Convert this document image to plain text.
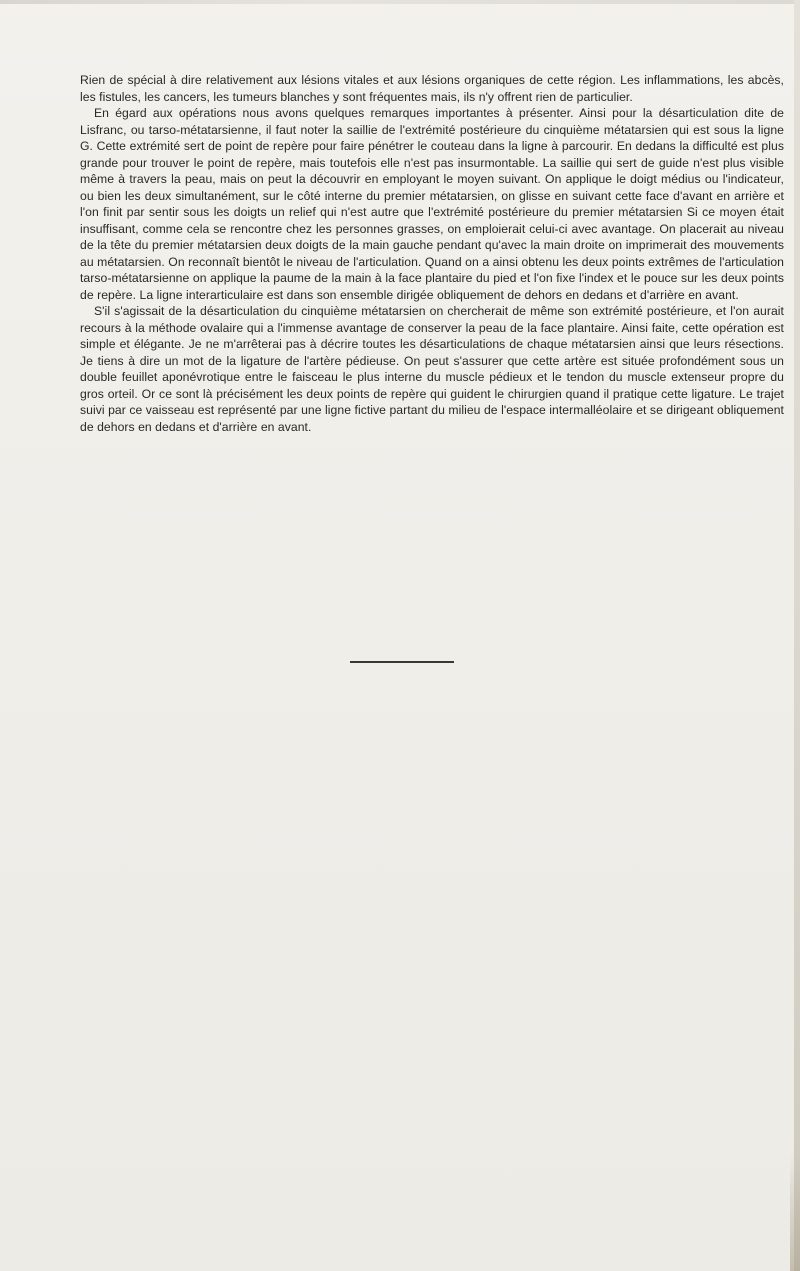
Rien de spécial à dire relativement aux lésions vitales et aux lésions organiques de cette région. Les inflammations, les abcès, les fistules, les cancers, les tumeurs blanches y sont fréquentes mais, ils n'y offrent rien de particulier.

En égard aux opérations nous avons quelques remarques importantes à présenter. Ainsi pour la désarticulation dite de Lisfranc, ou tarso-métatarsienne, il faut noter la saillie de l'extrémité postérieure du cinquième métatarsien qui est sous la ligne G. Cette extrémité sert de point de repère pour faire pénétrer le couteau dans la ligne à parcourir. En dedans la difficulté est plus grande pour trouver le point de repère, mais toutefois elle n'est pas insurmontable. La saillie qui sert de guide n'est plus visible même à travers la peau, mais on peut la découvrir en employant le moyen suivant. On applique le doigt médius ou l'indicateur, ou bien les deux simultanément, sur le côté interne du premier métatarsien, on glisse en suivant cette face d'avant en arrière et l'on finit par sentir sous les doigts un relief qui n'est autre que l'extrémité postérieure du premier métatarsien Si ce moyen était insuffisant, comme cela se rencontre chez les personnes grasses, on emploierait celui-ci avec avantage. On placerait au niveau de la tête du premier métatarsien deux doigts de la main gauche pendant qu'avec la main droite on imprimerait des mouvements au métatarsien. On reconnaît bientôt le niveau de l'articulation. Quand on a ainsi obtenu les deux points extrêmes de l'articulation tarso-métatarsienne on applique la paume de la main à la face plantaire du pied et l'on fixe l'index et le pouce sur les deux points de repère. La ligne interarticulaire est dans son ensemble dirigée obliquement de dehors en dedans et d'arrière en avant.

S'il s'agissait de la désarticulation du cinquième métatarsien on chercherait de même son extrémité postérieure, et l'on aurait recours à la méthode ovalaire qui a l'immense avantage de conserver la peau de la face plantaire. Ainsi faite, cette opération est simple et élégante. Je ne m'arrêterai pas à décrire toutes les désarticulations de chaque métatarsien ainsi que leurs résections. Je tiens à dire un mot de la ligature de l'artère pédieuse. On peut s'assurer que cette artère est située profondément sous un double feuillet aponévrotique entre le faisceau le plus interne du muscle pédieux et le tendon du muscle extenseur propre du gros orteil. Or ce sont là précisément les deux points de repère qui guident le chirurgien quand il pratique cette ligature. Le trajet suivi par ce vaisseau est représenté par une ligne fictive partant du milieu de l'espace intermalléolaire et se dirigeant obliquement de dehors en dedans et d'arrière en avant.
